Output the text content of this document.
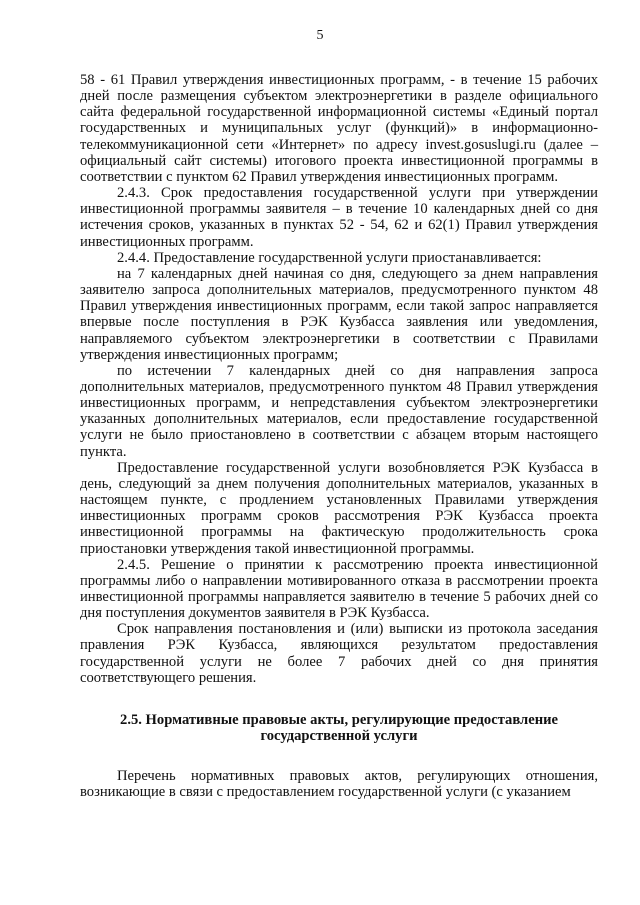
5

58 - 61 Правил утверждения инвестиционных программ, - в течение 15 рабочих дней после размещения субъектом электроэнергетики в разделе официального сайта федеральной государственной информационной системы «Единый портал государственных и муниципальных услуг (функций)» в информационно-телекоммуникационной сети «Интернет» по адресу invest.gosuslugi.ru (далее – официальный сайт системы) итогового проекта инвестиционной программы в соответствии с пунктом 62 Правил утверждения инвестиционных программ.

2.4.3. Срок предоставления государственной услуги при утверждении инвестиционной программы заявителя – в течение 10 календарных дней со дня истечения сроков, указанных в пунктах 52 - 54, 62 и 62(1) Правил утверждения инвестиционных программ.

2.4.4. Предоставление государственной услуги приостанавливается:

на 7 календарных дней начиная со дня, следующего за днем направления заявителю запроса дополнительных материалов, предусмотренного пунктом 48 Правил утверждения инвестиционных программ, если такой запрос направляется впервые после поступления в РЭК Кузбасса заявления или уведомления, направляемого субъектом электроэнергетики в соответствии с Правилами утверждения инвестиционных программ;

по истечении 7 календарных дней со дня направления запроса дополнительных материалов, предусмотренного пунктом 48 Правил утверждения инвестиционных программ, и непредставления субъектом электроэнергетики указанных дополнительных материалов, если предоставление государственной услуги не было приостановлено в соответствии с абзацем вторым настоящего пункта.

Предоставление государственной услуги возобновляется РЭК Кузбасса в день, следующий за днем получения дополнительных материалов, указанных в настоящем пункте, с продлением установленных Правилами утверждения инвестиционных программ сроков рассмотрения РЭК Кузбасса проекта инвестиционной программы на фактическую продолжительность срока приостановки утверждения такой инвестиционной программы.

2.4.5. Решение о принятии к рассмотрению проекта инвестиционной программы либо о направлении мотивированного отказа в рассмотрении проекта инвестиционной программы направляется заявителю в течение 5 рабочих дней со дня поступления документов заявителя в РЭК Кузбасса.

Срок направления постановления и (или) выписки из протокола заседания правления РЭК Кузбасса, являющихся результатом предоставления государственной услуги не более 7 рабочих дней со дня принятия соответствующего решения.

2.5. Нормативные правовые акты, регулирующие предоставление
государственной услуги

Перечень нормативных правовых актов, регулирующих отношения, возникающие в связи с предоставлением государственной услуги (с указанием
